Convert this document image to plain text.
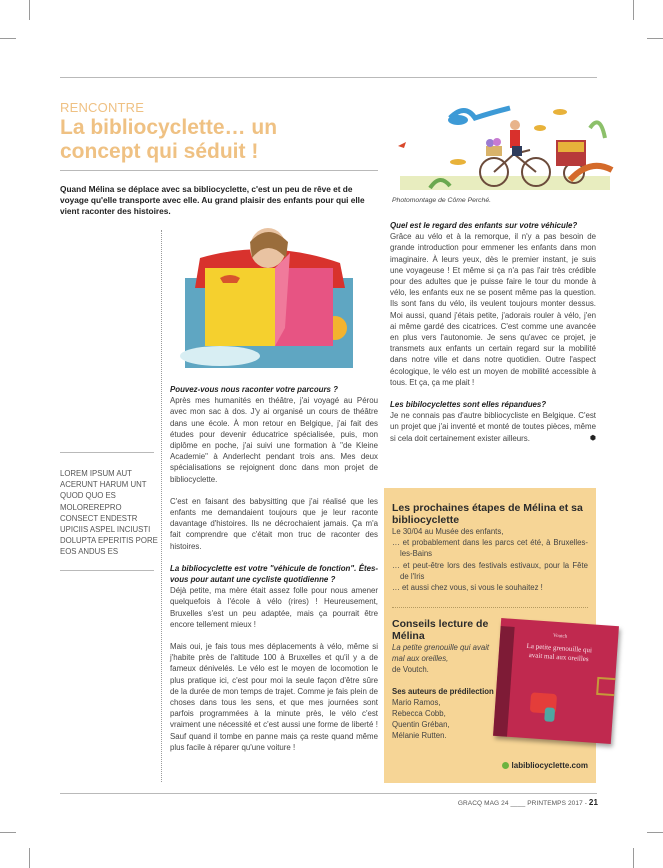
RENCONTRE
La bibliocyclette… un concept qui séduit !
Quand Mélina se déplace avec sa bibliocyclette, c'est un peu de rêve et de voyage qu'elle transporte avec elle. Au grand plaisir des enfants pour qui elle vient raconter des histoires.
Photomontage de Côme Perché.
LOREM IPSUM AUT ACERUNT HARUM UNT QUOD QUO ES MOLOREREPRO CONSECT ENDESTR UPICIIS ASPEL INCIUSTI DOLUPTA EPERITIS PORE EOS ANDUS ES

Pouvez-vous nous raconter votre parcours ?
Après mes humanités en théâtre, j'ai voyagé au Pérou avec mon sac à dos. J'y ai organisé un cours de théâtre dans une école. À mon retour en Belgique, j'ai fait des études pour devenir éducatrice spécialisée, puis, mon diplôme en poche, j'ai suivi une formation à "de Kleine Academie" à Anderlecht pendant trois ans. Mes deux spécialisations se rejoignent donc dans mon projet de bibliocyclette.

C'est en faisant des babysitting que j'ai réalisé que les enfants me demandaient toujours que je leur raconte davantage d'histoires. Ils ne décrochaient jamais. Ça m'a fait comprendre que c'était mon truc de raconter des histoires.

La bibliocyclette est votre "véhicule de fonction". Êtes-vous pour autant une cycliste quotidienne ?
Déjà petite, ma mère était assez folle pour nous amener quelquefois à l'école à vélo (rires) ! Heureusement, Bruxelles s'est un peu adaptée, mais ça pourrait être encore tellement mieux !

Mais oui, je fais tous mes déplacements à vélo, même si j'habite près de l'altitude 100 à Bruxelles et qu'il y a de fameux dénivelés. Le vélo est le moyen de locomotion le plus pratique ici, c'est pour moi la seule façon d'être sûre de la durée de mon temps de trajet. Comme je fais plein de choses dans tous les sens, et que mes journées sont parfois programmées à la minute près, le vélo c'est vraiment une nécessité et c'est aussi une forme de liberté ! Sauf quand il tombe en panne mais ça reste quand même plus facile à réparer qu'une voiture !

Quel est le regard des enfants sur votre véhicule?
Grâce au vélo et à la remorque, il n'y a pas besoin de grande introduction pour emmener les enfants dans mon imaginaire. À leurs yeux, dès le premier instant, je suis une voyageuse ! Et même si ça n'a pas l'air très crédible pour des adultes que je puisse faire le tour du monde à vélo, les enfants eux ne se posent même pas la question. Ils sont fans du vélo, ils veulent toujours monter dessus. Moi aussi, quand j'étais petite, j'adorais rouler à vélo, j'en ai même gardé des cicatrices. C'est comme une avancée en plus vers l'autonomie. Je sens qu'avec ce projet, je transmets aux enfants un certain regard sur la mobilité dans notre ville et dans notre quotidien. Outre l'aspect écologique, le vélo est un moyen de mobilité accessible à tous. Et ça, ça me plait !

Les bibilocyclettes sont elles répandues?
Je ne connais pas d'autre bibliocycliste en Belgique. C'est un projet que j'ai inventé et monté de toutes pièces, même si cela doit certainement exister ailleurs.	⬢

Les prochaines étapes de Mélina et sa bibliocyclette
Le 30/04 au Musée des enfants,
… et probablement dans les parcs cet été, à Bruxelles-les-Bains
… et peut-être lors des festivals estivaux, pour la Fête de l'Iris
… et aussi chez vous, si vous le souhaitez !
Conseils lecture de Mélina
La petite grenouille qui avait mal aux oreilles,
de Voutch.
Ses auteurs de prédilection
Mario Ramos,
Rebecca Cobb,
Quentin Gréban,
Mélanie Rutten.
labibliocyclette.com
Voutch
La petite grenouille qui avait mal aux oreilles
GRACQ MAG 24 ____ PRINTEMPS 2017 - 21
